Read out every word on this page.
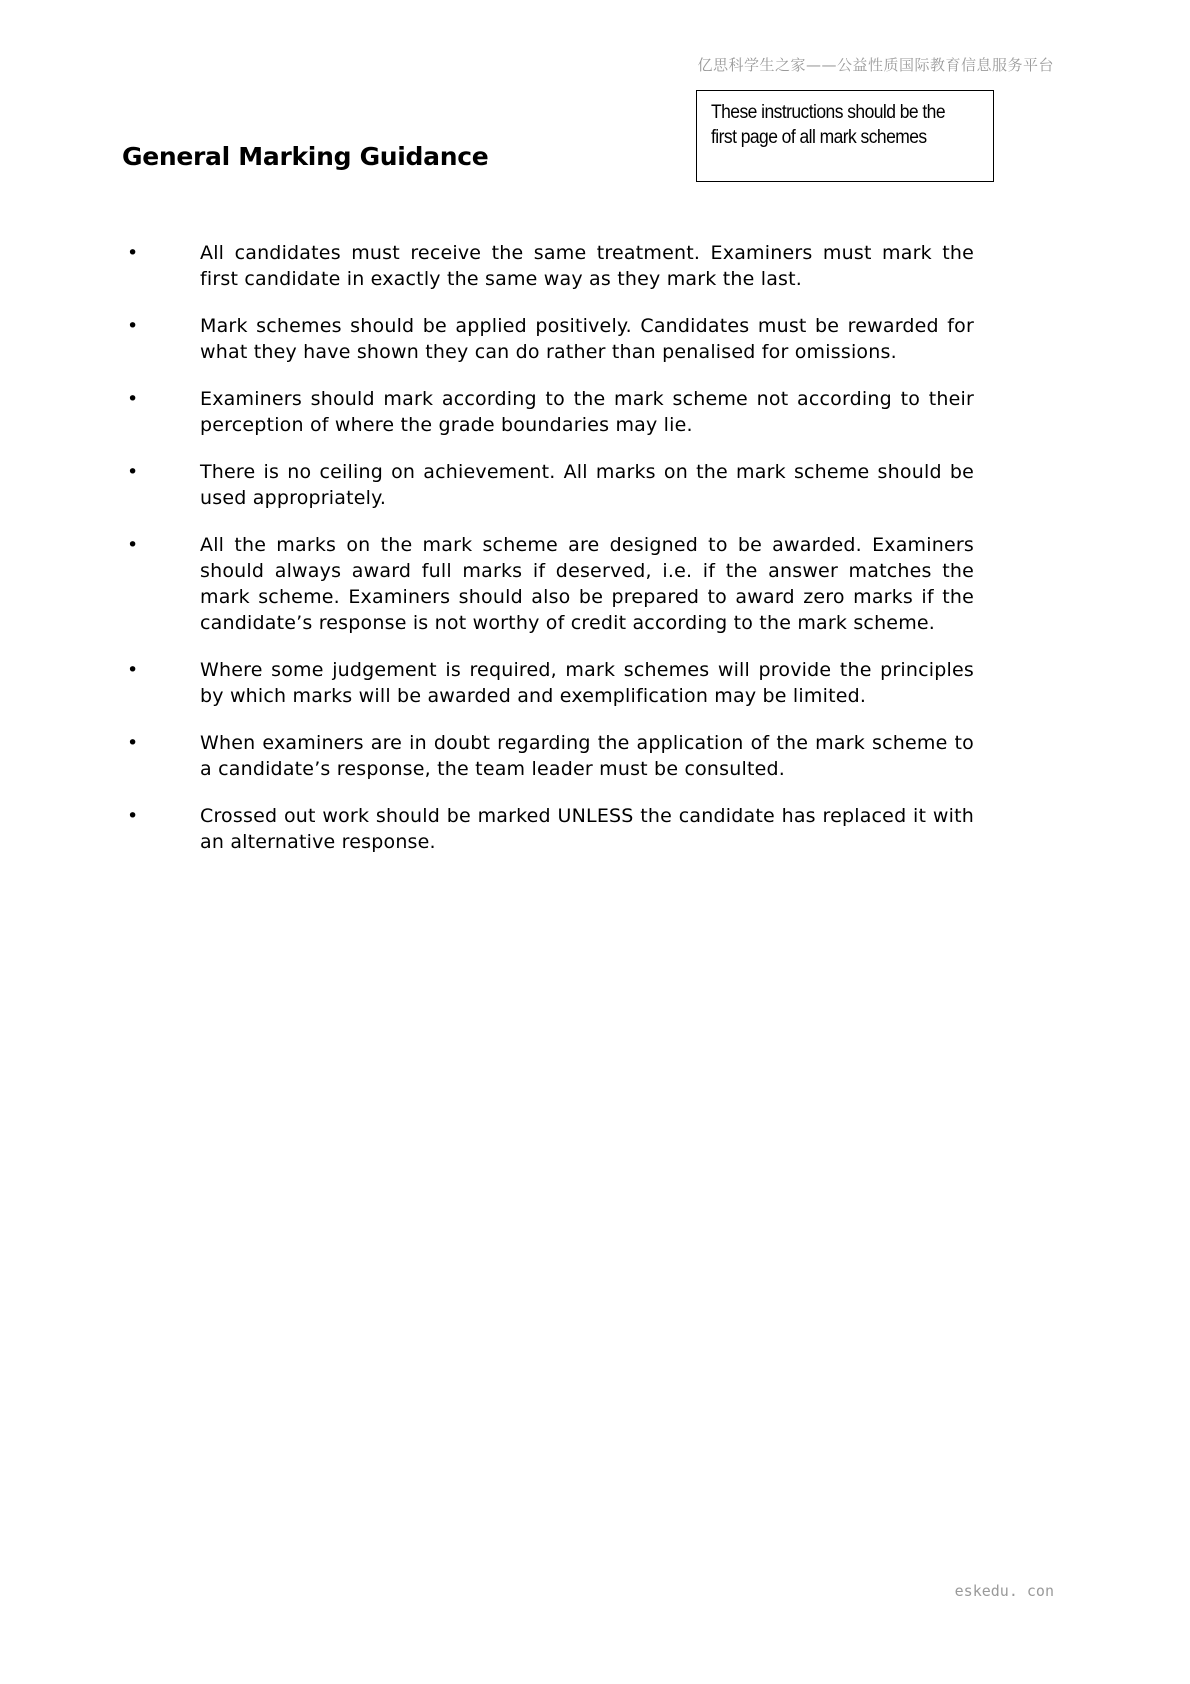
亿思科学生之家——公益性质国际教育信息服务平台
These instructions should be the
first page of all mark schemes
General Marking Guidance
•	All candidates must receive the same treatment. Examiners must mark the first candidate in exactly the same way as they mark the last.
•	Mark schemes should be applied positively. Candidates must be rewarded for what they have shown they can do rather than penalised for omissions.
•	Examiners should mark according to the mark scheme not according to their perception of where the grade boundaries may lie.
•	There is no ceiling on achievement. All marks on the mark scheme should be used appropriately.
•	All the marks on the mark scheme are designed to be awarded. Examiners should always award full marks if deserved, i.e. if the answer matches the mark scheme. Examiners should also be prepared to award zero marks if the candidate’s response is not worthy of credit according to the mark scheme.
•	Where some judgement is required, mark schemes will provide the principles by which marks will be awarded and exemplification may be limited.
•	When examiners are in doubt regarding the application of the mark scheme to a candidate’s response, the team leader must be consulted.
•	Crossed out work should be marked UNLESS the candidate has replaced it with an alternative response.
eskedu. con
